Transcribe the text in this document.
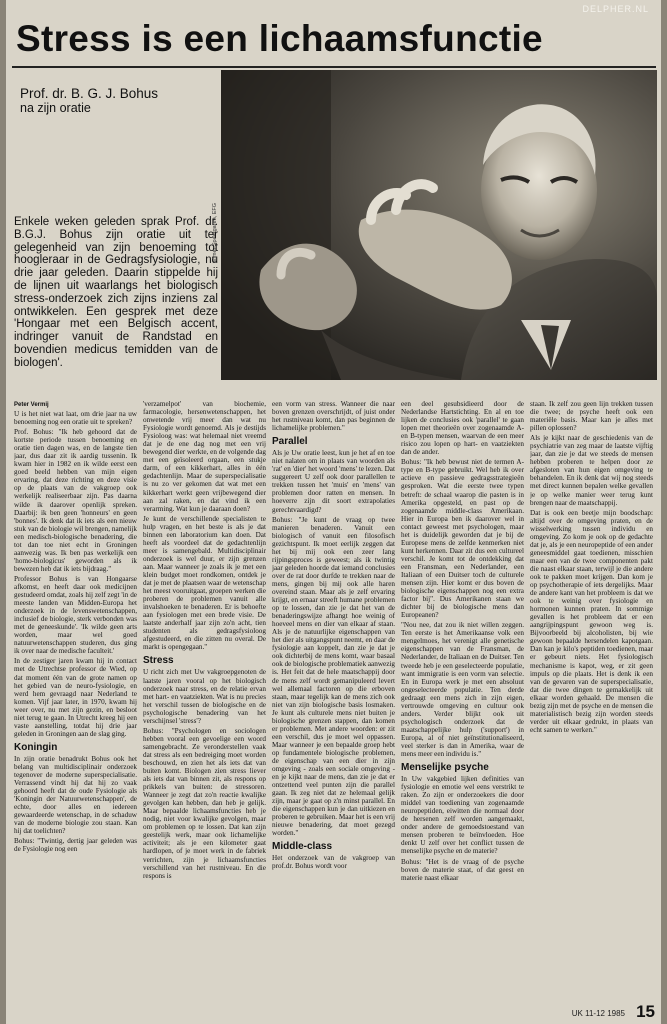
DELPHER.NL
Stress is een lichaamsfunctie
Prof. dr. B. G. J. Bohus
na zijn oratie
Elmer Spaargaren, EFG

Enkele weken geleden sprak Prof. dr. B.G.J. Bohus zijn oratie uit ter gelegenheid van zijn benoeming tot hoogleraar in de Gedragsfysiologie, nu drie jaar geleden. Daarin stippelde hij de lijnen uit waarlangs het biologisch stress-onderzoek zich zijns inziens zal ontwikkelen. Een gesprek met deze 'Hongaar met een Belgisch accent, indringer vanuit de Randstad en bovendien medicus temidden van de biologen'.

Peter Vermij

U is het niet wat laat, om drie jaar na uw benoeming nog een oratie uit te spreken?

Prof. Bohus: "Ik heb gehoord dat de kortste periode tussen benoeming en oratie tien dagen was, en de langste tien jaar, dus daar zit ik aardig tussenin. Ik kwam hier in 1982 en ik wilde eerst een goed beeld hebben van mijn eigen ervaring, dat deze richting en deze visie op de plaats van de vakgroep ook werkelijk realiseerbaar zijn. Pas daarna wilde ik daarover openlijk spreken. Daarbij: ik ben geen 'honneurs' en geen 'bonnes'. Ik denk dat ik iets als een nieuw stuk van de biologie wil brengen, namelijk een medisch-biologische benadering, die tot dan toe niet echt in Groningen aanwezig was. Ik ben pas werkelijk een 'homo-biologicus' geworden als ik bewezen heb dat ik iets bijdraag."

Professor Bohus is van Hongaarse afkomst, en heeft daar ook medicijnen gestudeerd omdat, zoals hij zelf zegt 'in de meeste landen van Midden-Europa het onderzoek in de levenswetenschappen, inclusief de biologie, sterk verbonden was met de geneeskunde'. 'Ik wilde geen arts worden, maar wel goed natuurwetenschappen studeren, dus ging ik over naar de medische faculteit.'

In de zestiger jaren kwam hij in contact met de Utrechtse professor de Wied, op dat moment één van de grote namen op het gebied van de neuro-fysiologie, en werd hem gevraagd naar Nederland te komen. Vijf jaar later, in 1970, kwam hij weer over, nu met zijn gezin, en besloot niet terug te gaan. In Utrecht kreeg hij een vaste aanstelling, totdat hij drie jaar geleden in Groningen aan de slag ging.

Koningin

In zijn oratie benadrukt Bohus ook het belang van multidisciplinair onderzoek tegenover de moderne superspecialisatie. Verrassend vindt hij dat hij zo vaak gehoord heeft dat de oude Fysiologie als 'Koningin der Natuurwetenschappen', de echte, door alles en iedereen gewaardeerde wetenschap, in de schaduw van de moderne biologie zou staan. Kan hij dat toelichten?

Bohus: "Twintig, dertig jaar geleden was de Fysiologie nog een

'verzamelpot' van biochemie, farmacologie, hersenwetenschappen, het onwetende vrij meer dan wat nu Fysiologie wordt genoemd. Als je destijds Fysioloog was: wat helemaal niet vreemd dat je de ene dag nog met een vrij bewegend dier werkte, en de volgende dag met een geïsoleerd orgaan, een stukje darm, of een kikkerhart, alles in één gedachtenlijn. Maar de superspecialisatie is nu zo ver gekomen dat wat met een kikkerhart werkt geen vrijbewegend dier aan zal raken, en dat vind ik een verarming. Wat kun je daaraan doen?

Je kunt de verschillende specialisten te hulp vragen, en het beste is als je dat binnen een laboratorium kan doen. Dat heeft als voordeel dat de gedachtenlijn meer is samengebald. Multidisciplinair onderzoek is wel duur, er zijn grenzen aan. Maar wanneer je zoals ik je met een klein budget moet rondkomen, ontdek je dat je met de plaatsen waar de wetenschap het meest vooruitgaat, groepen werken die proberen de problemen vanuit alle invalshoeken te benaderen. Er is behoefte aan fysiologen met een brede visie. De laatste anderhalf jaar zijn zo'n acht, tien studenten als gedragsfysioloog afgestudeerd, en die zitten nu overal. De markt is opengegaan."

Stress

U richt zich met Uw vakgroepgenoten de laatste jaren vooral op het biologisch onderzoek naar stress, en de relatie ervan met hart- en vaatziekten. Wat is nu precies het verschil tussen de biologische en de psychologische benadering van het verschijnsel 'stress'?

Bohus: "Psychologen en sociologen hebben vooral een gevoelige een woord samengebracht. Ze veronderstellen vaak dat stress als een bedreiging moet worden beschouwd, en zien het als iets dat van buiten komt. Biologen zien stress liever als iets dat van binnen zit, als respons op prikkels van buiten: de stressoren. Wanneer je zegt dat zo'n reactie kwalijke gevolgen kan hebben, dan heb je gelijk. Maar bepaalde lichaamsfuncties heb je nodig, niet voor kwalijke gevolgen, maar om problemen op te lossen. Dat kan zijn geestelijk werk, maar ook lichamelijke activiteit; als je een kilometer gaat hardlopen, of je moet werk in de fabriek verrichten, zijn je lichaamsfuncties verschillend van het rustniveau. En die respons is

een vorm van stress. Wanneer die naar boven grenzen overschrijdt, of juist onder het rustniveau komt, dan pas beginnen de lichamelijke problemen."

Parallel

Als je Uw oratie leest, kun je het af en toe niet nalaten om in plaats van woorden als 'rat' en 'dier' het woord 'mens' te lezen. Dat suggereert U zelf ook door parallellen te trekken tussen het 'muis' en 'mens' van problemen door ratten en mensen. In hoeverre zijn dit soort extrapolaties gerechtvaardigd?

Bohus: "Je kunt de vraag op twee manieren benaderen. Vanuit een biologisch of vanuit een filosofisch gezichtspunt. Ik moet eerlijk zeggen dat het bij mij ook een zeer lang rijpingsproces is geweest; als ik twintig jaar geleden hoorde dat iemand conclusies over de rat door durfde te trekken naar de mens, gingen bij mij ook alle haren overeind staan. Maar als je zelf ervaring krijgt, en ernaar streeft humane problemen op te lossen, dan zie je dat het van de benaderingswijze afhangt hoe weinig of hoeveel mens en dier van elkaar af staan. Als je de natuurlijke eigenschappen van het dier als uitgangspunt neemt, en daar de fysiologie aan koppelt, dan zie je dat je ook dichterbij de mens komt, waar basaal ook de biologische problematiek aanwezig is. Het feit dat de hele maatschappij door de mens zelf wordt gemanipuleerd levert wel allemaal factoren op die erboven staan, maar tegelijk kan de mens zich ook niet van zijn biologische basis losmaken. Je kunt als culturele mens niet buiten je biologische grenzen stappen, dan komen er problemen. Met andere woorden: er zit een verschil, dus je moet wel oppassen. Maar wanneer je een bepaalde groep hebt op fundamentele biologische problemen, de eigenschap van een dier in zijn omgeving - zoals een sociale omgeving - en je kijkt naar de mens, dan zie je dat er ontzettend veel punten zijn die parallel gaan. Ik zeg niet dat ze helemaal gelijk zijn, maar je gaat op z'n minst parallel. En die eigenschappen kun je dan uitkiezen en proberen te gebruiken. Maar het is een vrij nieuwe benadering, dat moet gezegd worden."

Middle-class

Het onderzoek van de vakgroep van prof.dr. Bohus wordt voor

een deel gesubsidieerd door de Nederlandse Hartstichting. En al en toe lijken de conclusies ook 'parallel' te gaan lopen met theorieën over zogenaamde A- en B-typen mensen, waarvan de een meer risico zou lopen op hart- en vaatziekten dan de ander.

Bohus: "Ik heb bewust niet de termen A-type en B-type gebruikt. Wel heb ik over actieve en passieve gedragsstrategieën gesproken. Wat die eerste twee typen betreft: de schaal waarop die pasten is in Amerika opgesteld, en past op de zogenaamde middle-class Amerikaan. Hier in Europa ben ik daarover wel in contact geweest met psychologen, maar het is duidelijk geworden dat je bij de Europese mens de zelfde kenmerken niet kunt herkennen. Daar zit dus een cultureel verschil. Je komt tot de ontdekking dat een Fransman, een Nederlander, een Italiaan of een Duitser toch de culturele mensen zijn. Hier komt er dus boven de biologische eigenschappen nog een extra factor bij". Dus Amerikanen staan we dichter bij de biologische mens dan Europeanen?

"Nou nee, dat zou ik niet willen zeggen. Ten eerste is het Amerikaanse volk een mengelmoes, het verenigt alle genetische eigenschappen van de Fransman, de Nederlander, de Italiaan en de Duitser. Ten tweede heb je een geselecteerde populatie, want immigratie is een vorm van selectie. En in Europa werk je met een absoluut ongeselecteerde populatie. Ten derde gedraagt een mens zich in zijn eigen, vertrouwde omgeving en cultuur ook anders. Verder blijkt ook uit psychologisch onderzoek dat de maatschappelijke hulp ('support') in Europa, al of niet geïnstitutionaliseerd, veel sterker is dan in Amerika, waar de mens meer een individu is."

Menselijke psyche

In Uw vakgebied lijken definities van fysiologie en emotie wel eens verstrikt te raken. Zo zijn er onderzoekers die door middel van toediening van zogenaamde neuropeptiden, eiwitten die normaal door de hersenen zelf worden aangemaakt, onder andere de gemoedstoestand van mensen proberen te beïnvloeden. Hoe denkt U zelf over het conflict tussen de menselijke psyche en de materie?

Bohus: "Het is de vraag of de psyche boven de materie staat, of dat geest en materie naast elkaar

staan. Ik zelf zou geen lijn trekken tussen die twee; de psyche heeft ook een materiële basis. Maar kan je alles met pillen oplossen?

Als je kijkt naar de geschiedenis van de psychiatrie van zeg maar de laatste vijftig jaar, dan zie je dat we steeds de mensen hebben proberen te helpen door ze afgesloten van hun eigen omgeving te behandelen. En ik denk dat wij nog steeds met direct kunnen bepalen welke gevallen je op welke manier weer terug kunt brengen naar de maatschappij.

Dat is ook een beetje mijn boodschap: altijd over de omgeving praten, en de wisselwerking tussen individu en omgeving. Zo kom je ook op de gedachte dat je, als je een neuropeptide of een ander geneesmiddel gaat toedienen, misschien maar een van de twee componenten pakt die naast elkaar staan, terwijl je die andere ook te pakken moet krijgen. Dan kom je op psychotherapie of iets dergelijks. Maar de andere kant van het probleem is dat we ook te weinig over fysiologie en hormonen kunnen praten. In sommige gevallen is het probleem dat er een aangrijpingspunt gewoon weg is. Bijvoorbeeld bij alcoholisten, bij wie gewoon bepaalde hersendelen kapotgaan. Dan kan je kilo's peptiden toedienen, maar er gebeurt niets. Het fysiologisch mechanisme is kapot, weg, er zit geen impuls op die plaats. Het is denk ik een van de gevaren van de superspecialisatie, dat die twee dingen te gemakkelijk uit elkaar worden gehaald. De mensen die bezig zijn met de psyche en de mensen die materialistisch bezig zijn worden steeds verder uit elkaar gedrukt, in plaats van echt samen te werken."

UK 11-12 1985 15
